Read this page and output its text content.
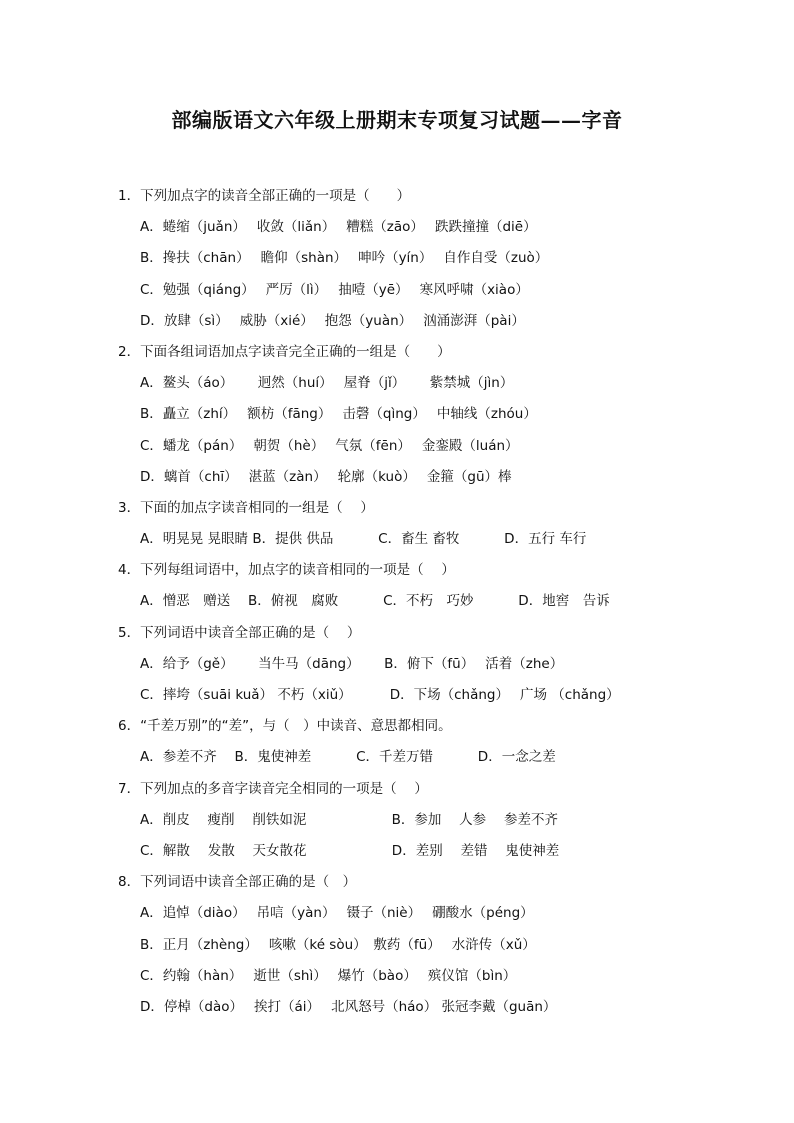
部编版语文六年级上册期末专项复习试题——字音
1．下列加点字的读音全部正确的一项是（　　）
A．蜷缩（juǎn）　 收敛（liǎn）　 糟糕（zāo）　 跌跌撞撞（diē）
B．搀扶（chān）　 瞻仰（shàn）　 呻吟（yín）　 自作自受（zuò）
C．勉强（qiáng）　 严厉（lì）　 抽噎（yē）　 寒风呼啸（xiào）
D．放肆（sì）　 威胁（xié）　 抱怨（yuàn）　 汹涌澎湃（pài）
2．下面各组词语加点字读音完全正确的一组是（　　）
A．鳌头（áo）　　 迥然（huí）　 屋脊（jǐ）　　 紫禁城（jìn）
B．矗立（zhí）　 额枋（fāng）　 击磬（qìng）　 中轴线（zhóu）
C．蟠龙（pán）　 朝贺（hè）　 气氛（fēn）　 金銮殿（luán）
D．螭首（chī）　 湛蓝（zàn）　 轮廓（kuò）　 金箍（gū）棒
3．下面的加点字读音相同的一组是（　 ）
A．明晃晃 晃眼睛 B．提供 供品　　　 C．畜生 畜牧　　　 D．五行 车行
4．下列每组词语中，加点字的读音相同的一项是（　 ）
A．憎恶　赠送　 B．俯视　腐败　　　 C．不朽　巧妙　　　 D．地窖　告诉
5．下列词语中读音全部正确的是（　 ）
A．给予（gě）　　 当牛马（dāng）　　 B．俯下（fū）　 活着（zhe）
C．摔垮（suāi kuǎ） 不朽（xiǔ）　　　 D．下场（chǎng）　 广场 （chǎng）
6．“千差万别”的“差”，与（　）中读音、意思都相同。
A．参差不齐　 B．鬼使神差　　　 C．千差万错　　　 D．一念之差
7．下列加点的多音字读音完全相同的一项是（　 ）
A．削皮　 瘦削　 削铁如泥　　　　　　 B．参加　 人参　 参差不齐
C．解散　 发散　 天女散花　　　　　　 D．差别　 差错　 鬼使神差
8．下列词语中读音全部正确的是（　）
A．追悼（diào）　 吊唁（yàn）　 镊子（niè）　 硼酸水（péng）
B．正月（zhèng）　 咳嗽（ké sòu）　敷药（fū）　 水浒传（xǔ）
C．约翰（hàn）　 逝世（shì）　 爆竹（bào）　 殡仪馆（bìn）
D．停棹（dào）　 挨打（ái）　 北风怒号（háo） 张冠李戴（guān）
